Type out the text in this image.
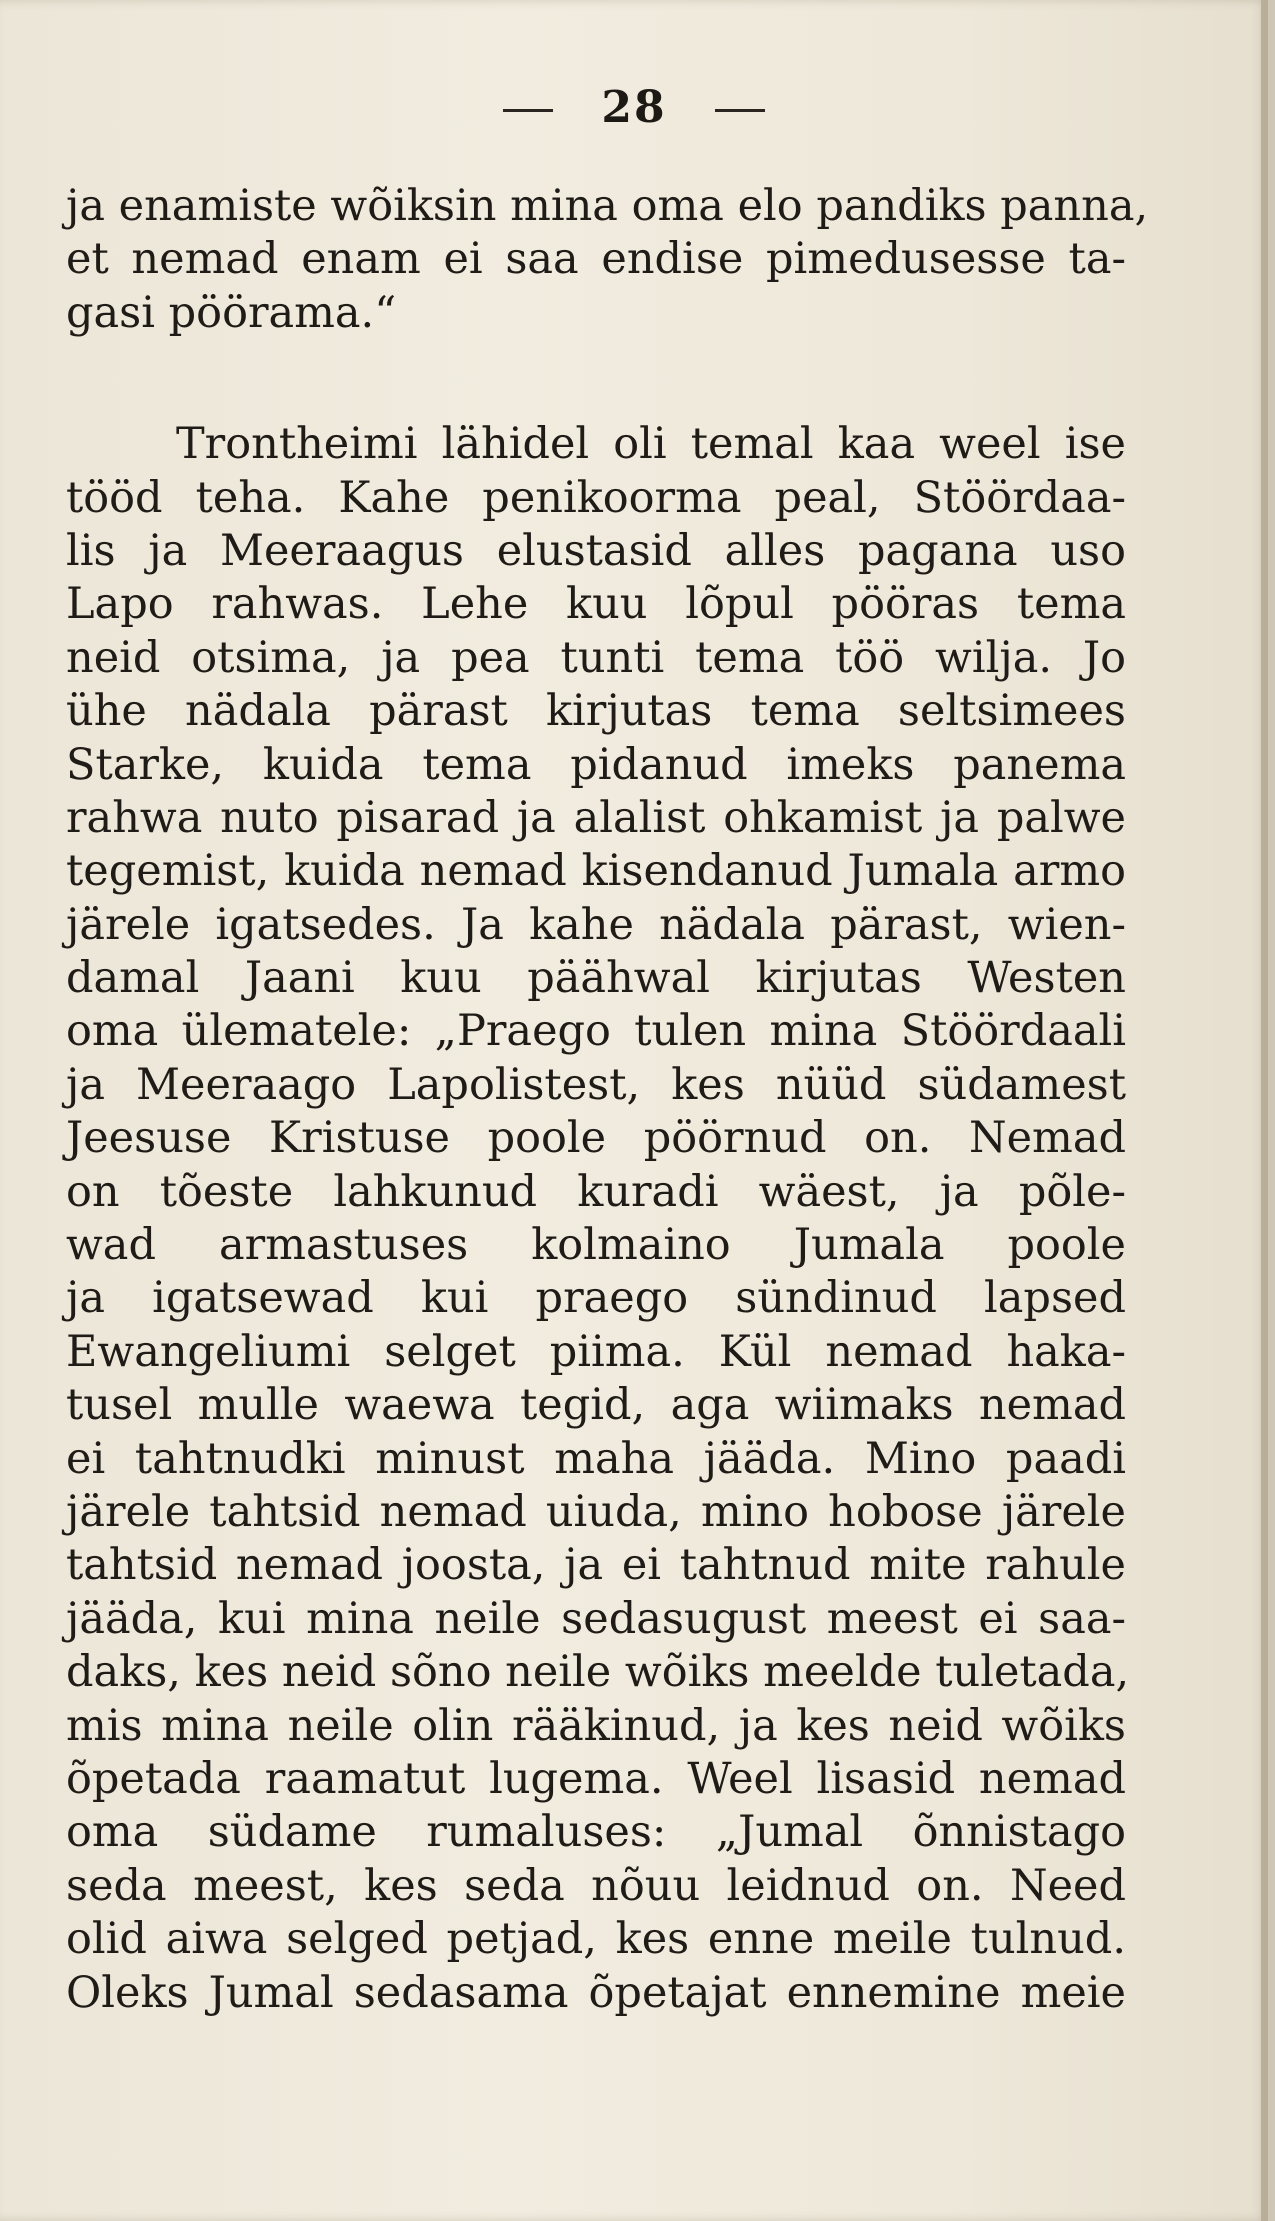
28
ja enamiste wõiksin mina oma elo pandiks panna,
et nemad enam ei saa endise pimedusesse ta-
gasi pöörama.“
Trontheimi lähidel oli temal kaa weel ise
tööd teha. Kahe penikoorma peal, Stöördaa-
lis ja Meeraagus elustasid alles pagana uso
Lapo rahwas. Lehe kuu lõpul pööras tema
neid otsima, ja pea tunti tema töö wilja. Jo
ühe nädala pärast kirjutas tema seltsimees
Starke, kuida tema pidanud imeks panema
rahwa nuto pisarad ja alalist ohkamist ja palwe
tegemist, kuida nemad kisendanud Jumala armo
järele igatsedes. Ja kahe nädala pärast, wien-
damal Jaani kuu päähwal kirjutas Westen
oma ülematele: „Praego tulen mina Stöördaali
ja Meeraago Lapolistest, kes nüüd südamest
Jeesuse Kristuse poole pöörnud on. Nemad
on tõeste lahkunud kuradi wäest, ja põle-
wad armastuses kolmaino Jumala poole
ja igatsewad kui praego sündinud lapsed
Ewangeliumi selget piima. Kül nemad haka-
tusel mulle waewa tegid, aga wiimaks nemad
ei tahtnudki minust maha jääda. Mino paadi
järele tahtsid nemad uiuda, mino hobose järele
tahtsid nemad joosta, ja ei tahtnud mite rahule
jääda, kui mina neile sedasugust meest ei saa-
daks, kes neid sõno neile wõiks meelde tuletada,
mis mina neile olin rääkinud, ja kes neid wõiks
õpetada raamatut lugema. Weel lisasid nemad
oma südame rumaluses: „Jumal õnnistago
seda meest, kes seda nõuu leidnud on. Need
olid aiwa selged petjad, kes enne meile tulnud.
Oleks Jumal sedasama õpetajat ennemine meie
